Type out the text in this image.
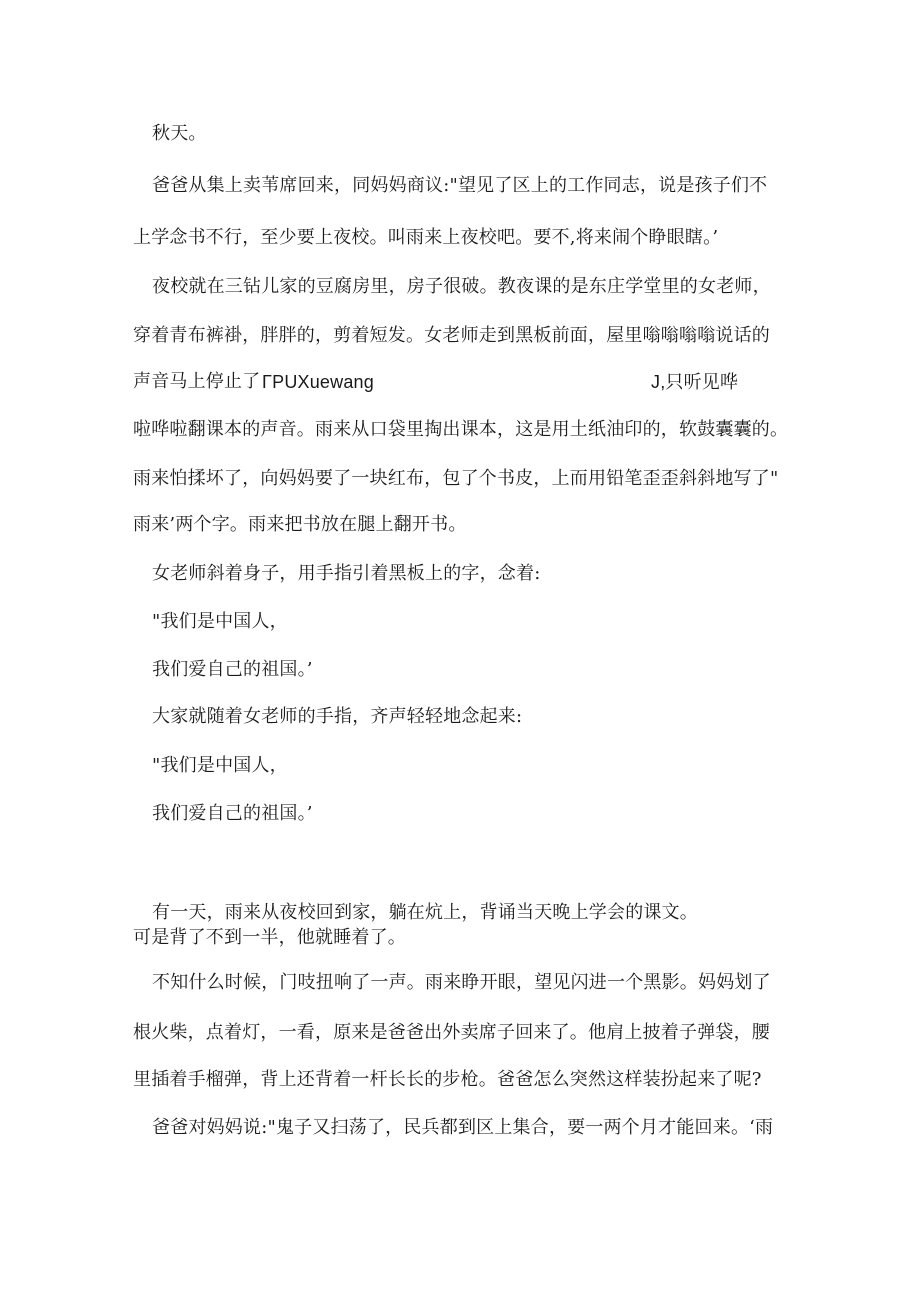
秋天。
爸爸从集上卖苇席回来，同妈妈商议:"望见了区上的工作同志，说是孩子们不
上学念书不行，至少要上夜校。叫雨来上夜校吧。要不,将来闹个睁眼瞎。’
夜校就在三钻儿家的豆腐房里，房子很破。教夜课的是东庄学堂里的女老师，
穿着青布裤褂，胖胖的，剪着短发。女老师走到黑板前面，屋里嗡嗡嗡嗡说话的
声音马上停止了 ΓPUXuewang	J,只听见哗
啦哗啦翻课本的声音。雨来从口袋里掏出课本，这是用土纸油印的，软鼓囊囊的。
雨来怕揉坏了，向妈妈要了一块红布，包了个书皮，上而用铅笔歪歪斜斜地写了"
雨来’两个字。雨来把书放在腿上翻开书。
女老师斜着身子，用手指引着黑板上的字，念着:
"我们是中国人，
我们爱自己的祖国。’
大家就随着女老师的手指，齐声轻轻地念起来:
"我们是中国人，
我们爱自己的祖国。’
有一天，雨来从夜校回到家，躺在炕上，背诵当天晚上学会的课文。
可是背了不到一半，他就睡着了。
不知什么时候，门吱扭响了一声。雨来睁开眼，望见闪进一个黑影。妈妈划了
根火柴，点着灯，一看，原来是爸爸出外卖席子回来了。他肩上披着子弹袋，腰
里插着手榴弹，背上还背着一杆长长的步枪。爸爸怎么突然这样装扮起来了呢?
爸爸对妈妈说:"鬼子又扫荡了，民兵都到区上集合，要一两个月才能回来。‘雨
